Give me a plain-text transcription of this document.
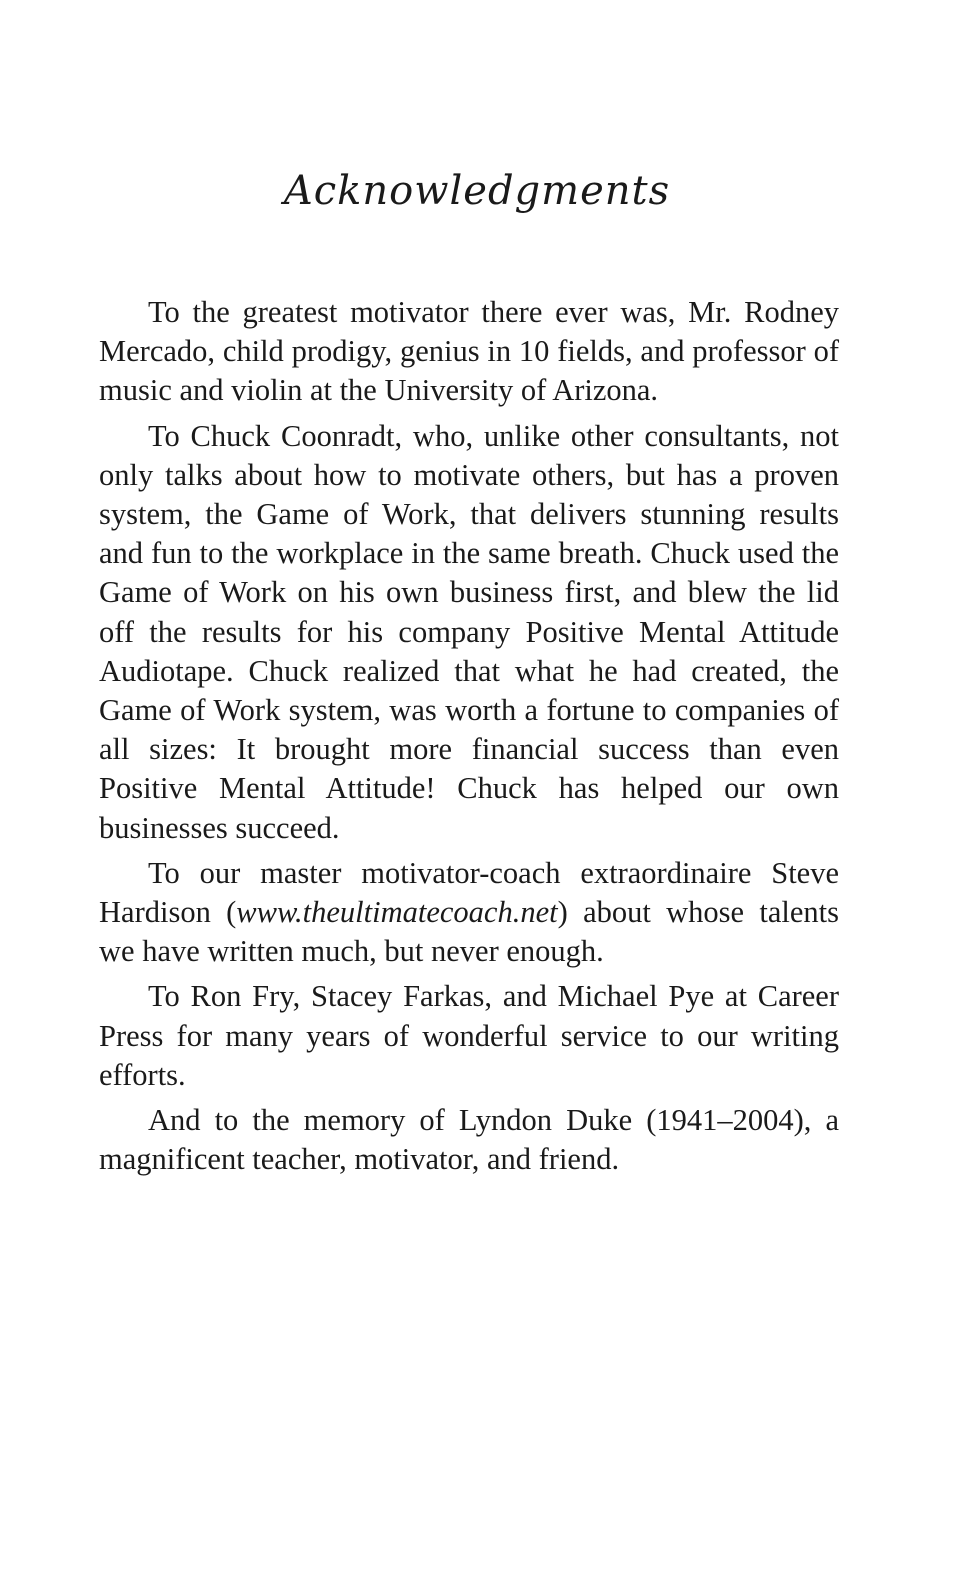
Acknowledgments

To the greatest motivator there ever was, Mr. Rodney Mercado, child prodigy, genius in 10 fields, and professor of music and violin at the University of Arizona.

To Chuck Coonradt, who, unlike other consultants, not only talks about how to motivate others, but has a proven system, the Game of Work, that delivers stunning results and fun to the workplace in the same breath. Chuck used the Game of Work on his own business first, and blew the lid off the results for his company Positive Mental Attitude Audiotape. Chuck realized that what he had created, the Game of Work system, was worth a fortune to companies of all sizes: It brought more financial success than even Positive Mental Attitude! Chuck has helped our own businesses succeed.

To our master motivator-coach extraordinaire Steve Hardison (www.theultimatecoach.net) about whose talents we have written much, but never enough.

To Ron Fry, Stacey Farkas, and Michael Pye at Career Press for many years of wonderful service to our writing efforts.

And to the memory of Lyndon Duke (1941–2004), a magnificent teacher, motivator, and friend.
